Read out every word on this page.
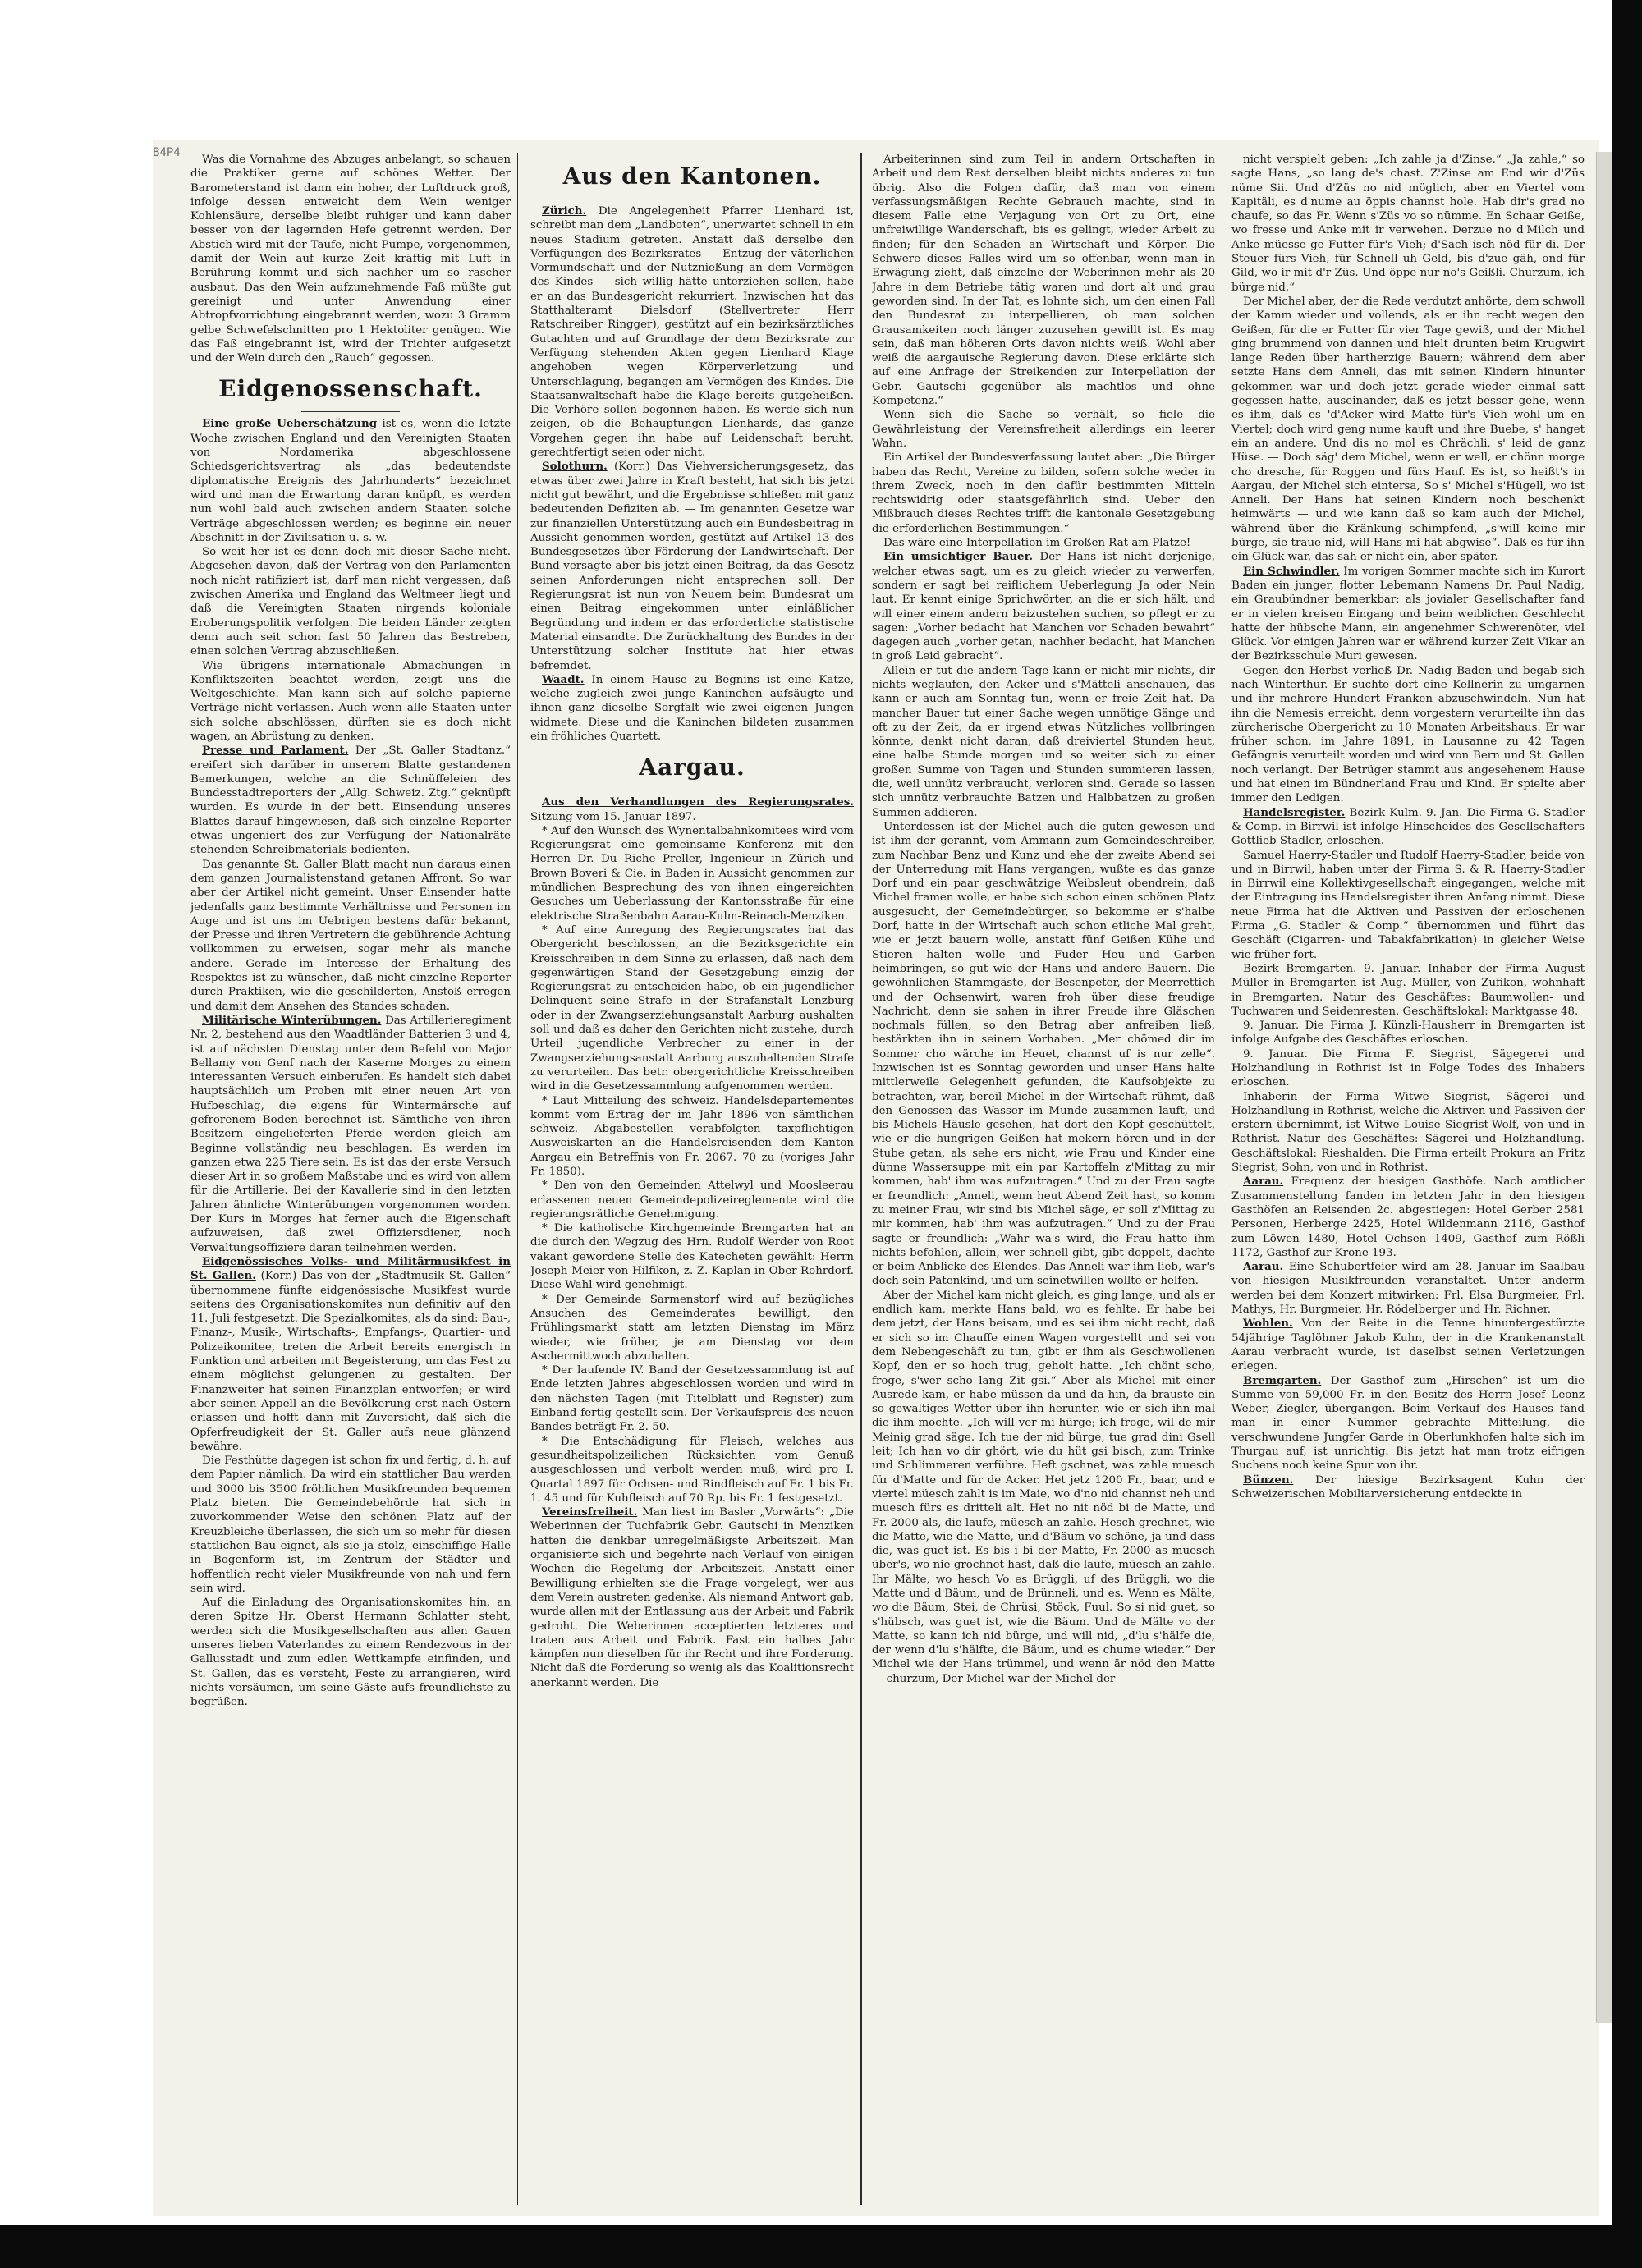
B4P4

Was die Vornahme des Abzuges anbelangt, so schauen die Praktiker gerne auf schönes Wetter. Der Barometerstand ist dann ein hoher, der Luftdruck groß, infolge dessen entweicht dem Wein weniger Kohlensäure, derselbe bleibt ruhiger und kann daher besser von der lagernden Hefe getrennt werden. Der Abstich wird mit der Taufe, nicht Pumpe, vorgenommen, damit der Wein auf kurze Zeit kräftig mit Luft in Berührung kommt und sich nachher um so rascher ausbaut. Das den Wein aufzunehmende Faß müßte gut gereinigt und unter Anwendung einer Abtropfvorrichtung eingebrannt werden, wozu 3 Gramm gelbe Schwefelschnitten pro 1 Hektoliter genügen. Wie das Faß eingebrannt ist, wird der Trichter aufgesetzt und der Wein durch den „Rauch“ gegossen.

Eidgenossenschaft.

Eine große Ueberschätzung ist es, wenn die letzte Woche zwischen England und den Vereinigten Staaten von Nordamerika abgeschlossene Schiedsgerichtsvertrag als „das bedeutendste diplomatische Ereignis des Jahrhunderts“ bezeichnet wird und man die Erwartung daran knüpft, es werden nun wohl bald auch zwischen andern Staaten solche Verträge abgeschlossen werden; es beginne ein neuer Abschnitt in der Zivilisation u. s. w.

So weit her ist es denn doch mit dieser Sache nicht. Abgesehen davon, daß der Vertrag von den Parlamenten noch nicht ratifiziert ist, darf man nicht vergessen, daß zwischen Amerika und England das Weltmeer liegt und daß die Vereinigten Staaten nirgends koloniale Eroberungspolitik verfolgen. Die beiden Länder zeigten denn auch seit schon fast 50 Jahren das Bestreben, einen solchen Vertrag abzuschließen.

Wie übrigens internationale Abmachungen in Konfliktszeiten beachtet werden, zeigt uns die Weltgeschichte. Man kann sich auf solche papierne Verträge nicht verlassen. Auch wenn alle Staaten unter sich solche abschlössen, dürften sie es doch nicht wagen, an Abrüstung zu denken.

Presse und Parlament. Der „St. Galler Stadtanz.“ ereifert sich darüber in unserem Blatte gestandenen Bemerkungen, welche an die Schnüffeleien des Bundesstadtreporters der „Allg. Schweiz. Ztg.“ geknüpft wurden. Es wurde in der bett. Einsendung unseres Blattes darauf hingewiesen, daß sich einzelne Reporter etwas ungeniert des zur Verfügung der Nationalräte stehenden Schreibmaterials bedienten.

Das genannte St. Galler Blatt macht nun daraus einen dem ganzen Journalistenstand getanen Affront. So war aber der Artikel nicht gemeint. Unser Einsender hatte jedenfalls ganz bestimmte Verhältnisse und Personen im Auge und ist uns im Uebrigen bestens dafür bekannt, der Presse und ihren Vertretern die gebührende Achtung vollkommen zu erweisen, sogar mehr als manche andere. Gerade im Interesse der Erhaltung des Respektes ist zu wünschen, daß nicht einzelne Reporter durch Praktiken, wie die geschilderten, Anstoß erregen und damit dem Ansehen des Standes schaden.

Militärische Winterübungen. Das Artillerieregiment Nr. 2, bestehend aus den Waadtländer Batterien 3 und 4, ist auf nächsten Dienstag unter dem Befehl von Major Bellamy von Genf nach der Kaserne Morges zu einem interessanten Versuch einberufen. Es handelt sich dabei hauptsächlich um Proben mit einer neuen Art von Hufbeschlag, die eigens für Wintermärsche auf gefrorenem Boden berechnet ist. Sämtliche von ihren Besitzern eingelieferten Pferde werden gleich am Beginne vollständig neu beschlagen. Es werden im ganzen etwa 225 Tiere sein. Es ist das der erste Versuch dieser Art in so großem Maßstabe und es wird von allem für die Artillerie. Bei der Kavallerie sind in den letzten Jahren ähnliche Winterübungen vorgenommen worden. Der Kurs in Morges hat ferner auch die Eigenschaft aufzuweisen, daß zwei Offiziersdiener, noch Verwaltungsoffiziere daran teilnehmen werden.

Eidgenössisches Volks- und Militärmusikfest in St. Gallen. (Korr.) Das von der „Stadtmusik St. Gallen“ übernommene fünfte eidgenössische Musikfest wurde seitens des Organisationskomites nun definitiv auf den 11. Juli festgesetzt. Die Spezialkomites, als da sind: Bau-, Finanz-, Musik-, Wirtschafts-, Empfangs-, Quartier- und Polizeikomitee, treten die Arbeit bereits energisch in Funktion und arbeiten mit Begeisterung, um das Fest zu einem möglichst gelungenen zu gestalten. Der Finanzweiter hat seinen Finanzplan entworfen; er wird aber seinen Appell an die Bevölkerung erst nach Ostern erlassen und hofft dann mit Zuversicht, daß sich die Opferfreudigkeit der St. Galler aufs neue glänzend bewähre.

Die Festhütte dagegen ist schon fix und fertig, d. h. auf dem Papier nämlich. Da wird ein stattlicher Bau werden und 3000 bis 3500 fröhlichen Musikfreunden bequemen Platz bieten. Die Gemeindebehörde hat sich in zuvorkommender Weise den schönen Platz auf der Kreuzbleiche überlassen, die sich um so mehr für diesen stattlichen Bau eignet, als sie ja stolz, einschiffige Halle in Bogenform ist, im Zentrum der Städter und hoffentlich recht vieler Musikfreunde von nah und fern sein wird.

Auf die Einladung des Organisationskomites hin, an deren Spitze Hr. Oberst Hermann Schlatter steht, werden sich die Musikgesellschaften aus allen Gauen unseres lieben Vaterlandes zu einem Rendezvous in der Gallusstadt und zum edlen Wettkampfe einfinden, und St. Gallen, das es versteht, Feste zu arrangieren, wird nichts versäumen, um seine Gäste aufs freundlichste zu begrüßen.

Aus den Kantonen.

Zürich. Die Angelegenheit Pfarrer Lienhard ist, schreibt man dem „Landboten“, unerwartet schnell in ein neues Stadium getreten. Anstatt daß derselbe den Verfügungen des Bezirksrates — Entzug der väterlichen Vormundschaft und der Nutznießung an dem Vermögen des Kindes — sich willig hätte unterziehen sollen, habe er an das Bundesgericht rekurriert. Inzwischen hat das Statthalteramt Dielsdorf (Stellvertreter Herr Ratschreiber Ringger), gestützt auf ein bezirksärztliches Gutachten und auf Grundlage der dem Bezirksrate zur Verfügung stehenden Akten gegen Lienhard Klage angehoben wegen Körperverletzung und Unterschlagung, begangen am Vermögen des Kindes. Die Staatsanwaltschaft habe die Klage bereits gutgeheißen. Die Verhöre sollen begonnen haben. Es werde sich nun zeigen, ob die Behauptungen Lienhards, das ganze Vorgehen gegen ihn habe auf Leidenschaft beruht, gerechtfertigt seien oder nicht.

Solothurn. (Korr.) Das Viehversicherungsgesetz, das etwas über zwei Jahre in Kraft besteht, hat sich bis jetzt nicht gut bewährt, und die Ergebnisse schließen mit ganz bedeutenden Defiziten ab. — Im genannten Gesetze war zur finanziellen Unterstützung auch ein Bundesbeitrag in Aussicht genommen worden, gestützt auf Artikel 13 des Bundesgesetzes über Förderung der Landwirtschaft. Der Bund versagte aber bis jetzt einen Beitrag, da das Gesetz seinen Anforderungen nicht entsprechen soll. Der Regierungsrat ist nun von Neuem beim Bundesrat um einen Beitrag eingekommen unter einläßlicher Begründung und indem er das erforderliche statistische Material einsandte. Die Zurückhaltung des Bundes in der Unterstützung solcher Institute hat hier etwas befremdet.

Waadt. In einem Hause zu Begnins ist eine Katze, welche zugleich zwei junge Kaninchen aufsäugte und ihnen ganz dieselbe Sorgfalt wie zwei eigenen Jungen widmete. Diese und die Kaninchen bildeten zusammen ein fröhliches Quartett.

Aargau.

Aus den Verhandlungen des Regierungsrates. Sitzung vom 15. Januar 1897.

* Auf den Wunsch des Wynentalbahnkomitees wird vom Regierungsrat eine gemeinsame Konferenz mit den Herren Dr. Du Riche Preller, Ingenieur in Zürich und Brown Boveri & Cie. in Baden in Aussicht genommen zur mündlichen Besprechung des von ihnen eingereichten Gesuches um Ueberlassung der Kantonsstraße für eine elektrische Straßenbahn Aarau-Kulm-Reinach-Menziken.

* Auf eine Anregung des Regierungsrates hat das Obergericht beschlossen, an die Bezirksgerichte ein Kreisschreiben in dem Sinne zu erlassen, daß nach dem gegenwärtigen Stand der Gesetzgebung einzig der Regierungsrat zu entscheiden habe, ob ein jugendlicher Delinquent seine Strafe in der Strafanstalt Lenzburg oder in der Zwangserziehungsanstalt Aarburg aushalten soll und daß es daher den Gerichten nicht zustehe, durch Urteil jugendliche Verbrecher zu einer in der Zwangserziehungsanstalt Aarburg auszuhaltenden Strafe zu verurteilen. Das betr. obergerichtliche Kreisschreiben wird in die Gesetzessammlung aufgenommen werden.

* Laut Mitteilung des schweiz. Handelsdepartementes kommt vom Ertrag der im Jahr 1896 von sämtlichen schweiz. Abgabestellen verabfolgten taxpflichtigen Ausweiskarten an die Handelsreisenden dem Kanton Aargau ein Betreffnis von Fr. 2067. 70 zu (voriges Jahr Fr. 1850).

* Den von den Gemeinden Attelwyl und Moosleerau erlassenen neuen Gemeindepolizeireglemente wird die regierungsrätliche Genehmigung.

* Die katholische Kirchgemeinde Bremgarten hat an die durch den Wegzug des Hrn. Rudolf Werder von Root vakant gewordene Stelle des Katecheten gewählt: Herrn Joseph Meier von Hilfikon, z. Z. Kaplan in Ober-Rohrdorf. Diese Wahl wird genehmigt.

* Der Gemeinde Sarmenstorf wird auf bezügliches Ansuchen des Gemeinderates bewilligt, den Frühlingsmarkt statt am letzten Dienstag im März wieder, wie früher, je am Dienstag vor dem Aschermittwoch abzuhalten.

* Der laufende IV. Band der Gesetzessammlung ist auf Ende letzten Jahres abgeschlossen worden und wird in den nächsten Tagen (mit Titelblatt und Register) zum Einband fertig gestellt sein. Der Verkaufspreis des neuen Bandes beträgt Fr. 2. 50.

* Die Entschädigung für Fleisch, welches aus gesundheitspolizeilichen Rücksichten vom Genuß ausgeschlossen und verbolt werden muß, wird pro I. Quartal 1897 für Ochsen- und Rindfleisch auf Fr. 1 bis Fr. 1. 45 und für Kuhfleisch auf 70 Rp. bis Fr. 1 festgesetzt.

Vereinsfreiheit. Man liest im Basler „Vorwärts“: „Die Weberinnen der Tuchfabrik Gebr. Gautschi in Menziken hatten die denkbar unregelmäßigste Arbeitszeit. Man organisierte sich und begehrte nach Verlauf von einigen Wochen die Regelung der Arbeitszeit. Anstatt einer Bewilligung erhielten sie die Frage vorgelegt, wer aus dem Verein austreten gedenke. Als niemand Antwort gab, wurde allen mit der Entlassung aus der Arbeit und Fabrik gedroht. Die Weberinnen acceptierten letzteres und traten aus Arbeit und Fabrik. Fast ein halbes Jahr kämpfen nun dieselben für ihr Recht und ihre Forderung. Nicht daß die Forderung so wenig als das Koalitionsrecht anerkannt werden. Die

Arbeiterinnen sind zum Teil in andern Ortschaften in Arbeit und dem Rest derselben bleibt nichts anderes zu tun übrig. Also die Folgen dafür, daß man von einem verfassungsmäßigen Rechte Gebrauch machte, sind in diesem Falle eine Verjagung von Ort zu Ort, eine unfreiwillige Wanderschaft, bis es gelingt, wieder Arbeit zu finden; für den Schaden an Wirtschaft und Körper. Die Schwere dieses Falles wird um so offenbar, wenn man in Erwägung zieht, daß einzelne der Weberinnen mehr als 20 Jahre in dem Betriebe tätig waren und dort alt und grau geworden sind. In der Tat, es lohnte sich, um den einen Fall den Bundesrat zu interpellieren, ob man solchen Grausamkeiten noch länger zuzusehen gewillt ist. Es mag sein, daß man höheren Orts davon nichts weiß. Wohl aber weiß die aargauische Regierung davon. Diese erklärte sich auf eine Anfrage der Streikenden zur Interpellation der Gebr. Gautschi gegenüber als machtlos und ohne Kompetenz.“

Wenn sich die Sache so verhält, so fiele die Gewährleistung der Vereinsfreiheit allerdings ein leerer Wahn.

Ein Artikel der Bundesverfassung lautet aber: „Die Bürger haben das Recht, Vereine zu bilden, sofern solche weder in ihrem Zweck, noch in den dafür bestimmten Mitteln rechtswidrig oder staatsgefährlich sind. Ueber den Mißbrauch dieses Rechtes trifft die kantonale Gesetzgebung die erforderlichen Bestimmungen.“

Das wäre eine Interpellation im Großen Rat am Platze!

Ein umsichtiger Bauer. Der Hans ist nicht derjenige, welcher etwas sagt, um es zu gleich wieder zu verwerfen, sondern er sagt bei reiflichem Ueberlegung Ja oder Nein laut. Er kennt einige Sprichwörter, an die er sich hält, und will einer einem andern beizustehen suchen, so pflegt er zu sagen: „Vorher bedacht hat Manchen vor Schaden bewahrt“ dagegen auch „vorher getan, nachher bedacht, hat Manchen in groß Leid gebracht“.

Allein er tut die andern Tage kann er nicht mir nichts, dir nichts weglaufen, den Acker und s'Mätteli anschauen, das kann er auch am Sonntag tun, wenn er freie Zeit hat. Da mancher Bauer tut einer Sache wegen unnötige Gänge und oft zu der Zeit, da er irgend etwas Nützliches vollbringen könnte, denkt nicht daran, daß dreiviertel Stunden heut, eine halbe Stunde morgen und so weiter sich zu einer großen Summe von Tagen und Stunden summieren lassen, die, weil unnütz verbraucht, verloren sind. Gerade so lassen sich unnütz verbrauchte Batzen und Halbbatzen zu großen Summen addieren.

Unterdessen ist der Michel auch die guten gewesen und ist ihm der gerannt, vom Ammann zum Gemeindeschreiber, zum Nachbar Benz und Kunz und ehe der zweite Abend sei der Unterredung mit Hans vergangen, wußte es das ganze Dorf und ein paar geschwätzige Weibsleut obendrein, daß Michel framen wolle, er habe sich schon einen schönen Platz ausgesucht, der Gemeindebürger, so bekomme er s'halbe Dorf, hatte in der Wirtschaft auch schon etliche Mal greht, wie er jetzt bauern wolle, anstatt fünf Geißen Kühe und Stieren halten wolle und Fuder Heu und Garben heimbringen, so gut wie der Hans und andere Bauern. Die gewöhnlichen Stammgäste, der Besenpeter, der Meerrettich und der Ochsenwirt, waren froh über diese freudige Nachricht, denn sie sahen in ihrer Freude ihre Gläschen nochmals füllen, so den Betrag aber anfreiben ließ, bestärkten ihn in seinem Vorhaben. „Mer chömed dir im Sommer cho wärche im Heuet, channst uf is nur zelle“. Inzwischen ist es Sonntag geworden und unser Hans halte mittlerweile Gelegenheit gefunden, die Kaufsobjekte zu betrachten, war, bereil Michel in der Wirtschaft rühmt, daß den Genossen das Wasser im Munde zusammen lauft, und bis Michels Häusle gesehen, hat dort den Kopf geschüttelt, wie er die hungrigen Geißen hat mekern hören und in der Stube getan, als sehe ers nicht, wie Frau und Kinder eine dünne Wassersuppe mit ein par Kartoffeln z'Mittag zu mir kommen, hab' ihm was aufzutragen.“ Und zu der Frau sagte er freundlich: „Anneli, wenn heut Abend Zeit hast, so komm zu meiner Frau, wir sind bis Michel säge, er soll z'Mittag zu mir kommen, hab' ihm was aufzutragen.“ Und zu der Frau sagte er freundlich: „Wahr wa's wird, die Frau hatte ihm nichts befohlen, allein, wer schnell gibt, gibt doppelt, dachte er beim Anblicke des Elendes. Das Anneli war ihm lieb, war's doch sein Patenkind, und um seinetwillen wollte er helfen.

Aber der Michel kam nicht gleich, es ging lange, und als er endlich kam, merkte Hans bald, wo es fehlte. Er habe bei dem jetzt, der Hans beisam, und es sei ihm nicht recht, daß er sich so im Chauffe einen Wagen vorgestellt und sei von dem Nebengeschäft zu tun, gibt er ihm als Geschwollenen Kopf, den er so hoch trug, geholt hatte. „Ich chönt scho, froge, s'wer scho lang Zit gsi.“ Aber als Michel mit einer Ausrede kam, er habe müssen da und da hin, da brauste ein so gewaltiges Wetter über ihn herunter, wie er sich ihn mal die ihm mochte. „Ich will ver mi hürge; ich froge, wil de mir Meinig grad säge. Ich tue der nid bürge, tue grad dini Gsell leit; Ich han vo dir ghört, wie du hüt gsi bisch, zum Trinke und Schlimmeren verführe. Heft gschnet, was zahle muesch für d'Matte und für de Acker. Het jetz 1200 Fr., baar, und e viertel müesch zahlt is im Maie, wo d'no nid channst neh und muesch fürs es dritteli alt. Het no nit nöd bi de Matte, und Fr. 2000 als, die laufe, müesch an zahle. Hesch grechnet, wie die Matte, wie die Matte, und d'Bäum vo schöne, ja und dass die, was guet ist. Es bis i bi der Matte, Fr. 2000 as muesch über's, wo nie grochnet hast, daß die laufe, müesch an zahle. Ihr Mälte, wo hesch Vo es Brüggli, uf des Brüggli, wo die Matte und d'Bäum, und de Brünneli, und es. Wenn es Mälte, wo die Bäum, Stei, de Chrüsi, Stöck, Fuul. So si nid guet, so s'hübsch, was guet ist, wie die Bäum. Und de Mälte vo der Matte, so kann ich nid bürge, und will nid, „d'lu s'hälfe die, der wenn d'lu s'hälfte, die Bäum, und es chume wieder.“ Der Michel wie der Hans trümmel, und wenn är nöd den Matte — churzum, Der Michel war der Michel der

nicht verspielt geben: „Ich zahle ja d'Zinse.“ „Ja zahle,“ so sagte Hans, „so lang de's chast. Z'Zinse am End wir d'Züs nüme Sii. Und d'Züs no nid möglich, aber en Viertel vom Kapitäli, es d'nume au öppis channst hole. Hab dir's grad no chaufe, so das Fr. Wenn s'Züs vo so nümme. En Schaar Geiße, wo fresse und Anke mit ir verwehen. Derzue no d'Milch und Anke müesse ge Futter für's Vieh; d'Sach isch nöd für di. Der Steuer fürs Vieh, für Schnell uh Geld, bis d'zue gäh, ond für Gild, wo ir mit d'r Züs. Und öppe nur no's Geißli. Churzum, ich bürge nid.“

Der Michel aber, der die Rede verdutzt anhörte, dem schwoll der Kamm wieder und vollends, als er ihn recht wegen den Geißen, für die er Futter für vier Tage gewiß, und der Michel ging brummend von dannen und hielt drunten beim Krugwirt lange Reden über hartherzige Bauern; während dem aber setzte Hans dem Anneli, das mit seinen Kindern hinunter gekommen war und doch jetzt gerade wieder einmal satt gegessen hatte, auseinander, daß es jetzt besser gehe, wenn es ihm, daß es 'd'Acker wird Matte für's Vieh wohl um en Viertel; doch wird geng nume kauft und ihre Buebe, s' hanget ein an andere. Und dis no mol es Chrächli, s' leid de ganz Hüse. — Doch säg' dem Michel, wenn er well, er chönn morge cho dresche, für Roggen und fürs Hanf. Es ist, so heißt's in Aargau, der Michel sich eintersa, So s' Michel s'Hügell, wo ist Anneli. Der Hans hat seinen Kindern noch beschenkt heimwärts — und wie kann daß so kam auch der Michel, während über die Kränkung schimpfend, „s'will keine mir bürge, sie traue nid, will Hans mi hät abgwise“. Daß es für ihn ein Glück war, das sah er nicht ein, aber später.

Ein Schwindler. Im vorigen Sommer machte sich im Kurort Baden ein junger, flotter Lebemann Namens Dr. Paul Nadig, ein Graubündner bemerkbar; als jovialer Gesellschafter fand er in vielen kreisen Eingang und beim weiblichen Geschlecht hatte der hübsche Mann, ein angenehmer Schwerenöter, viel Glück. Vor einigen Jahren war er während kurzer Zeit Vikar an der Bezirksschule Muri gewesen.

Gegen den Herbst verließ Dr. Nadig Baden und begab sich nach Winterthur. Er suchte dort eine Kellnerin zu umgarnen und ihr mehrere Hundert Franken abzuschwindeln. Nun hat ihn die Nemesis erreicht, denn vorgestern verurteilte ihn das zürcherische Obergericht zu 10 Monaten Arbeitshaus. Er war früher schon, im Jahre 1891, in Lausanne zu 42 Tagen Gefängnis verurteilt worden und wird von Bern und St. Gallen noch verlangt. Der Betrüger stammt aus angesehenem Hause und hat einen im Bündnerland Frau und Kind. Er spielte aber immer den Ledigen.

Handelsregister. Bezirk Kulm. 9. Jan. Die Firma G. Stadler & Comp. in Birrwil ist infolge Hinscheides des Gesellschafters Gottlieb Stadler, erloschen.

Samuel Haerry-Stadler und Rudolf Haerry-Stadler, beide von und in Birrwil, haben unter der Firma S. & R. Haerry-Stadler in Birrwil eine Kollektivgesellschaft eingegangen, welche mit der Eintragung ins Handelsregister ihren Anfang nimmt. Diese neue Firma hat die Aktiven und Passiven der erloschenen Firma „G. Stadler & Comp.“ übernommen und führt das Geschäft (Cigarren- und Tabakfabrikation) in gleicher Weise wie früher fort.

Bezirk Bremgarten. 9. Januar. Inhaber der Firma August Müller in Bremgarten ist Aug. Müller, von Zufikon, wohnhaft in Bremgarten. Natur des Geschäftes: Baumwollen- und Tuchwaren und Seidenresten. Geschäftslokal: Marktgasse 48.

9. Januar. Die Firma J. Künzli-Hausherr in Bremgarten ist infolge Aufgabe des Geschäftes erloschen.

9. Januar. Die Firma F. Siegrist, Sägegerei und Holzhandlung in Rothrist ist in Folge Todes des Inhabers erloschen.

Inhaberin der Firma Witwe Siegrist, Sägerei und Holzhandlung in Rothrist, welche die Aktiven und Passiven der erstern übernimmt, ist Witwe Louise Siegrist-Wolf, von und in Rothrist. Natur des Geschäftes: Sägerei und Holzhandlung. Geschäftslokal: Rieshalden. Die Firma erteilt Prokura an Fritz Siegrist, Sohn, von und in Rothrist.

Aarau. Frequenz der hiesigen Gasthöfe. Nach amtlicher Zusammenstellung fanden im letzten Jahr in den hiesigen Gasthöfen an Reisenden 2c. abgestiegen: Hotel Gerber 2581 Personen, Herberge 2425, Hotel Wildenmann 2116, Gasthof zum Löwen 1480, Hotel Ochsen 1409, Gasthof zum Rößli 1172, Gasthof zur Krone 193.

Aarau. Eine Schubertfeier wird am 28. Januar im Saalbau von hiesigen Musikfreunden veranstaltet. Unter anderm werden bei dem Konzert mitwirken: Frl. Elsa Burgmeier, Frl. Mathys, Hr. Burgmeier, Hr. Rödelberger und Hr. Richner.

Wohlen. Von der Reite in die Tenne hinuntergestürzte 54jährige Taglöhner Jakob Kuhn, der in die Krankenanstalt Aarau verbracht wurde, ist daselbst seinen Verletzungen erlegen.

Bremgarten. Der Gasthof zum „Hirschen“ ist um die Summe von 59,000 Fr. in den Besitz des Herrn Josef Leonz Weber, Ziegler, übergangen. Beim Verkauf des Hauses fand man in einer Nummer gebrachte Mitteilung, die verschwundene Jungfer Garde in Oberlunkhofen halte sich im Thurgau auf, ist unrichtig. Bis jetzt hat man trotz eifrigen Suchens noch keine Spur von ihr.

Bünzen. Der hiesige Bezirksagent Kuhn der Schweizerischen Mobiliarversicherung entdeckte in
